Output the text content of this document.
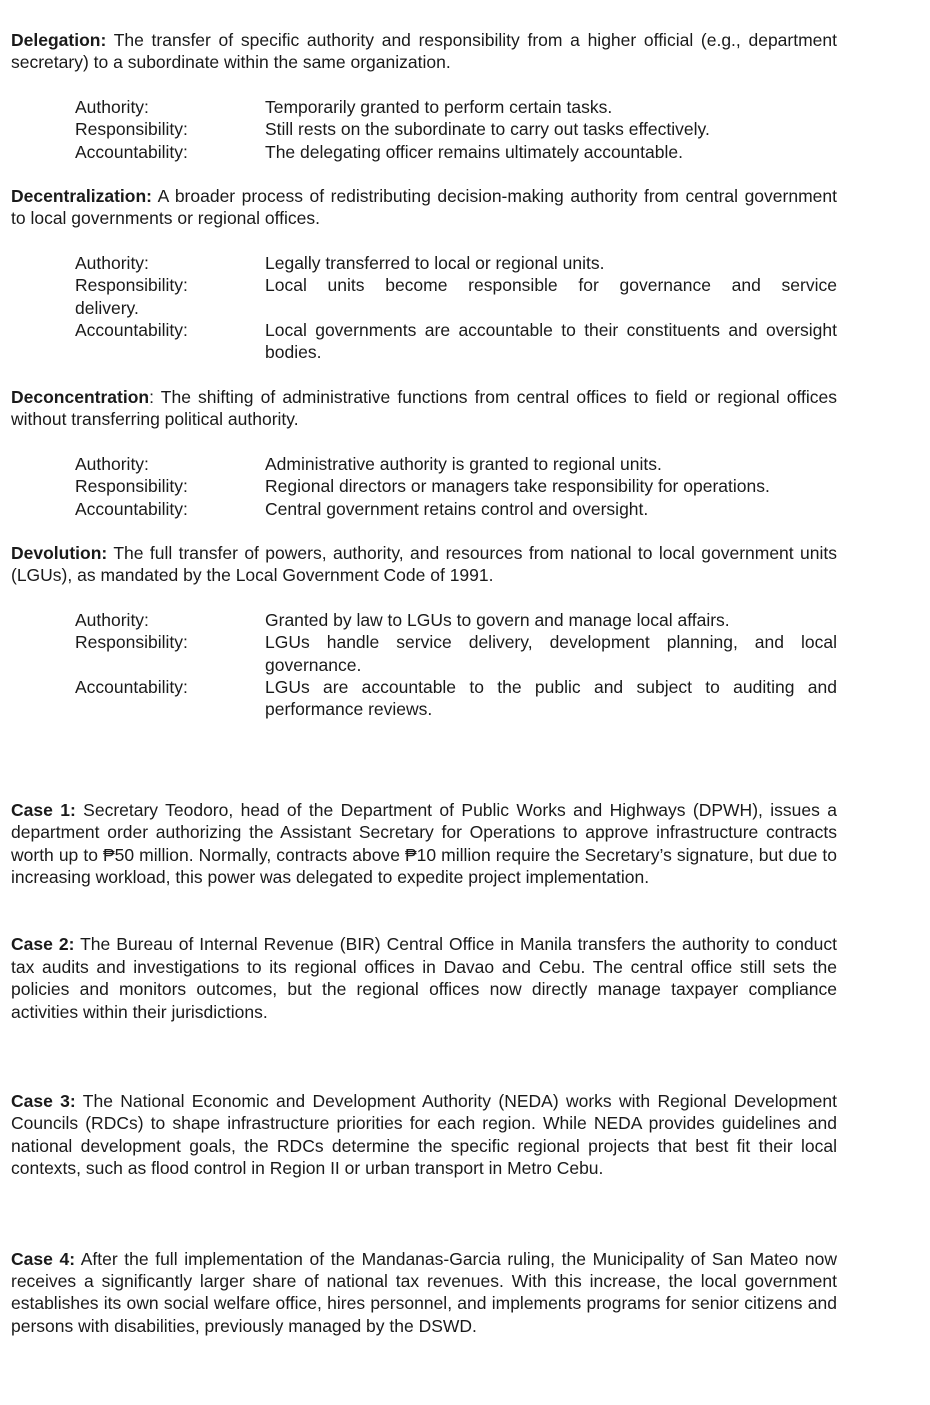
Delegation: The transfer of specific authority and responsibility from a higher official (e.g., department secretary) to a subordinate within the same organization.

Authority:	Temporarily granted to perform certain tasks.
Responsibility:	Still rests on the subordinate to carry out tasks effectively.
Accountability:	The delegating officer remains ultimately accountable.

Decentralization: A broader process of redistributing decision-making authority from central government to local governments or regional offices.

Authority:	Legally transferred to local or regional units.
Responsibility:	Local units become responsible for governance and service
delivery.
Accountability:	Local governments are accountable to their constituents and oversight bodies.

Deconcentration: The shifting of administrative functions from central offices to field or regional offices without transferring political authority.

Authority:	Administrative authority is granted to regional units.
Responsibility:	Regional directors or managers take responsibility for operations.
Accountability:	Central government retains control and oversight.

Devolution: The full transfer of powers, authority, and resources from national to local government units (LGUs), as mandated by the Local Government Code of 1991.

Authority:	Granted by law to LGUs to govern and manage local affairs.
Responsibility:	LGUs handle service delivery, development planning, and local governance.
Accountability:	LGUs are accountable to the public and subject to auditing and performance reviews.

Case 1: Secretary Teodoro, head of the Department of Public Works and Highways (DPWH), issues a department order authorizing the Assistant Secretary for Operations to approve infrastructure contracts worth up to ₱50 million. Normally, contracts above ₱10 million require the Secretary’s signature, but due to increasing workload, this power was delegated to expedite project implementation.

Case 2: The Bureau of Internal Revenue (BIR) Central Office in Manila transfers the authority to conduct tax audits and investigations to its regional offices in Davao and Cebu. The central office still sets the policies and monitors outcomes, but the regional offices now directly manage taxpayer compliance activities within their jurisdictions.

Case 3: The National Economic and Development Authority (NEDA) works with Regional Development Councils (RDCs) to shape infrastructure priorities for each region. While NEDA provides guidelines and national development goals, the RDCs determine the specific regional projects that best fit their local contexts, such as flood control in Region II or urban transport in Metro Cebu.

Case 4: After the full implementation of the Mandanas-Garcia ruling, the Municipality of San Mateo now receives a significantly larger share of national tax revenues. With this increase, the local government establishes its own social welfare office, hires personnel, and implements programs for senior citizens and persons with disabilities, previously managed by the DSWD.
